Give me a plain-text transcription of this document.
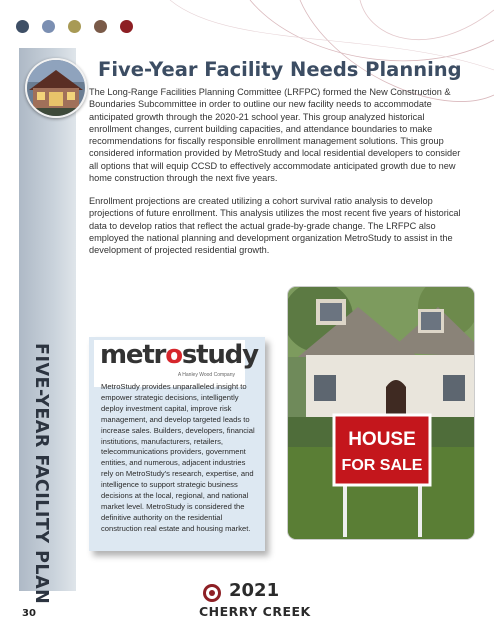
FIVE-YEAR FACILITY PLAN
Five-Year Facility Needs Planning

The Long-Range Facilities Planning Committee (LRFPC) formed the New Construction & Boundaries Subcommittee in order to outline our new facility needs to accommodate anticipated growth through the 2020-21 school year. This group analyzed historical enrollment changes, current building capacities, and attendance boundaries to make recommendations for fiscally responsible enrollment management solutions. This group considered information provided by MetroStudy and local residential developers to consider all options that will equip CCSD to effectively accommodate anticipated growth due to new home construction through the next five years.

Enrollment projections are created utilizing a cohort survival ratio analysis to develop projections of future enrollment. This analysis utilizes the most recent five years of historical data to develop ratios that reflect the actual grade-by-grade change. The LRFPC also employed the national planning and development organization MetroStudy to assist in the development of projected residential growth.

metrostudy
A Hanley Wood Company

MetroStudy provides unparalleled insight to empower strategic decisions, intelligently deploy investment capital, improve risk management, and develop targeted leads to increase sales. Builders, developers, financial institutions, manufacturers, retailers, telecommunications providers, government entities, and numerous, adjacent industries rely on MetroStudy's research, expertise, and intelligence to support strategic business decisions at the local, regional, and national market level. MetroStudy is considered the definitive authority on the residential construction real estate and housing market.

HOUSE
FOR SALE
30
2021
CHERRY CREEK
